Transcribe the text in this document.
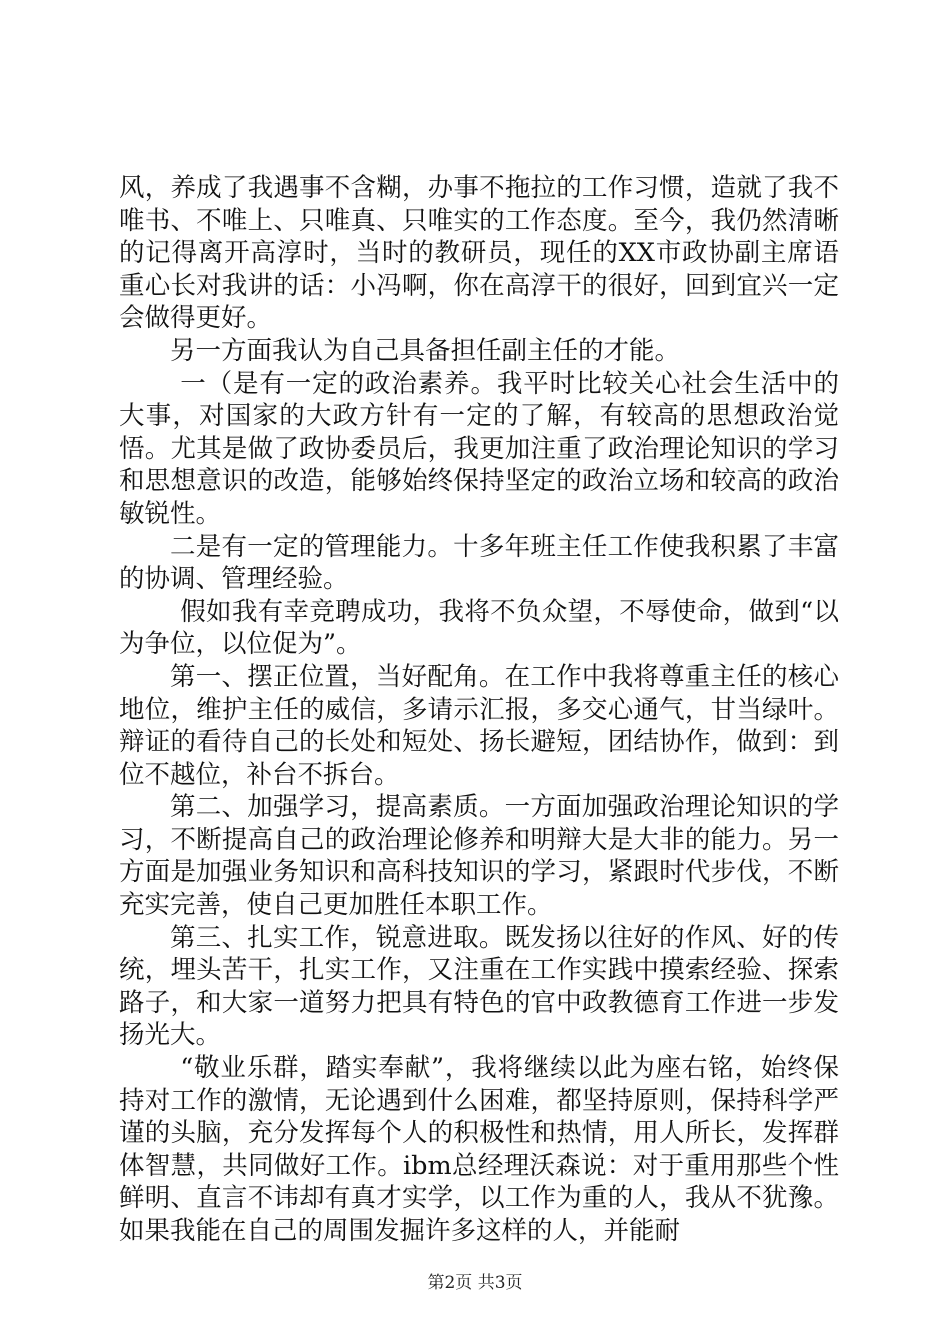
风，养成了我遇事不含糊，办事不拖拉的工作习惯，造就了我不唯书、不唯上、只唯真、只唯实的工作态度。至今，我仍然清晰的记得离开高淳时，当时的教研员，现任的XX市政协副主席语重心长对我讲的话：小冯啊，你在高淳干的很好，回到宜兴一定会做得更好。

另一方面我认为自己具备担任副主任的才能。

一（是有一定的政治素养。我平时比较关心社会生活中的大事，对国家的大政方针有一定的了解，有较高的思想政治觉悟。尤其是做了政协委员后，我更加注重了政治理论知识的学习和思想意识的改造，能够始终保持坚定的政治立场和较高的政治敏锐性。

二是有一定的管理能力。十多年班主任工作使我积累了丰富的协调、管理经验。

假如我有幸竞聘成功，我将不负众望，不辱使命，做到“以为争位，以位促为”。

第一、摆正位置，当好配角。在工作中我将尊重主任的核心地位，维护主任的威信，多请示汇报，多交心通气，甘当绿叶。辩证的看待自己的长处和短处、扬长避短，团结协作，做到：到位不越位，补台不拆台。

第二、加强学习，提高素质。一方面加强政治理论知识的学习，不断提高自己的政治理论修养和明辩大是大非的能力。另一方面是加强业务知识和高科技知识的学习，紧跟时代步伐，不断充实完善，使自己更加胜任本职工作。

第三、扎实工作，锐意进取。既发扬以往好的作风、好的传统，埋头苦干，扎实工作，又注重在工作实践中摸索经验、探索路子，和大家一道努力把具有特色的官中政教德育工作进一步发扬光大。

“敬业乐群，踏实奉献”，我将继续以此为座右铭，始终保持对工作的激情，无论遇到什么困难，都坚持原则，保持科学严谨的头脑，充分发挥每个人的积极性和热情，用人所长，发挥群体智慧，共同做好工作。ibm总经理沃森说：对于重用那些个性鲜明、直言不讳却有真才实学，以工作为重的人，我从不犹豫。如果我能在自己的周围发掘许多这样的人，并能耐

第2页 共3页
